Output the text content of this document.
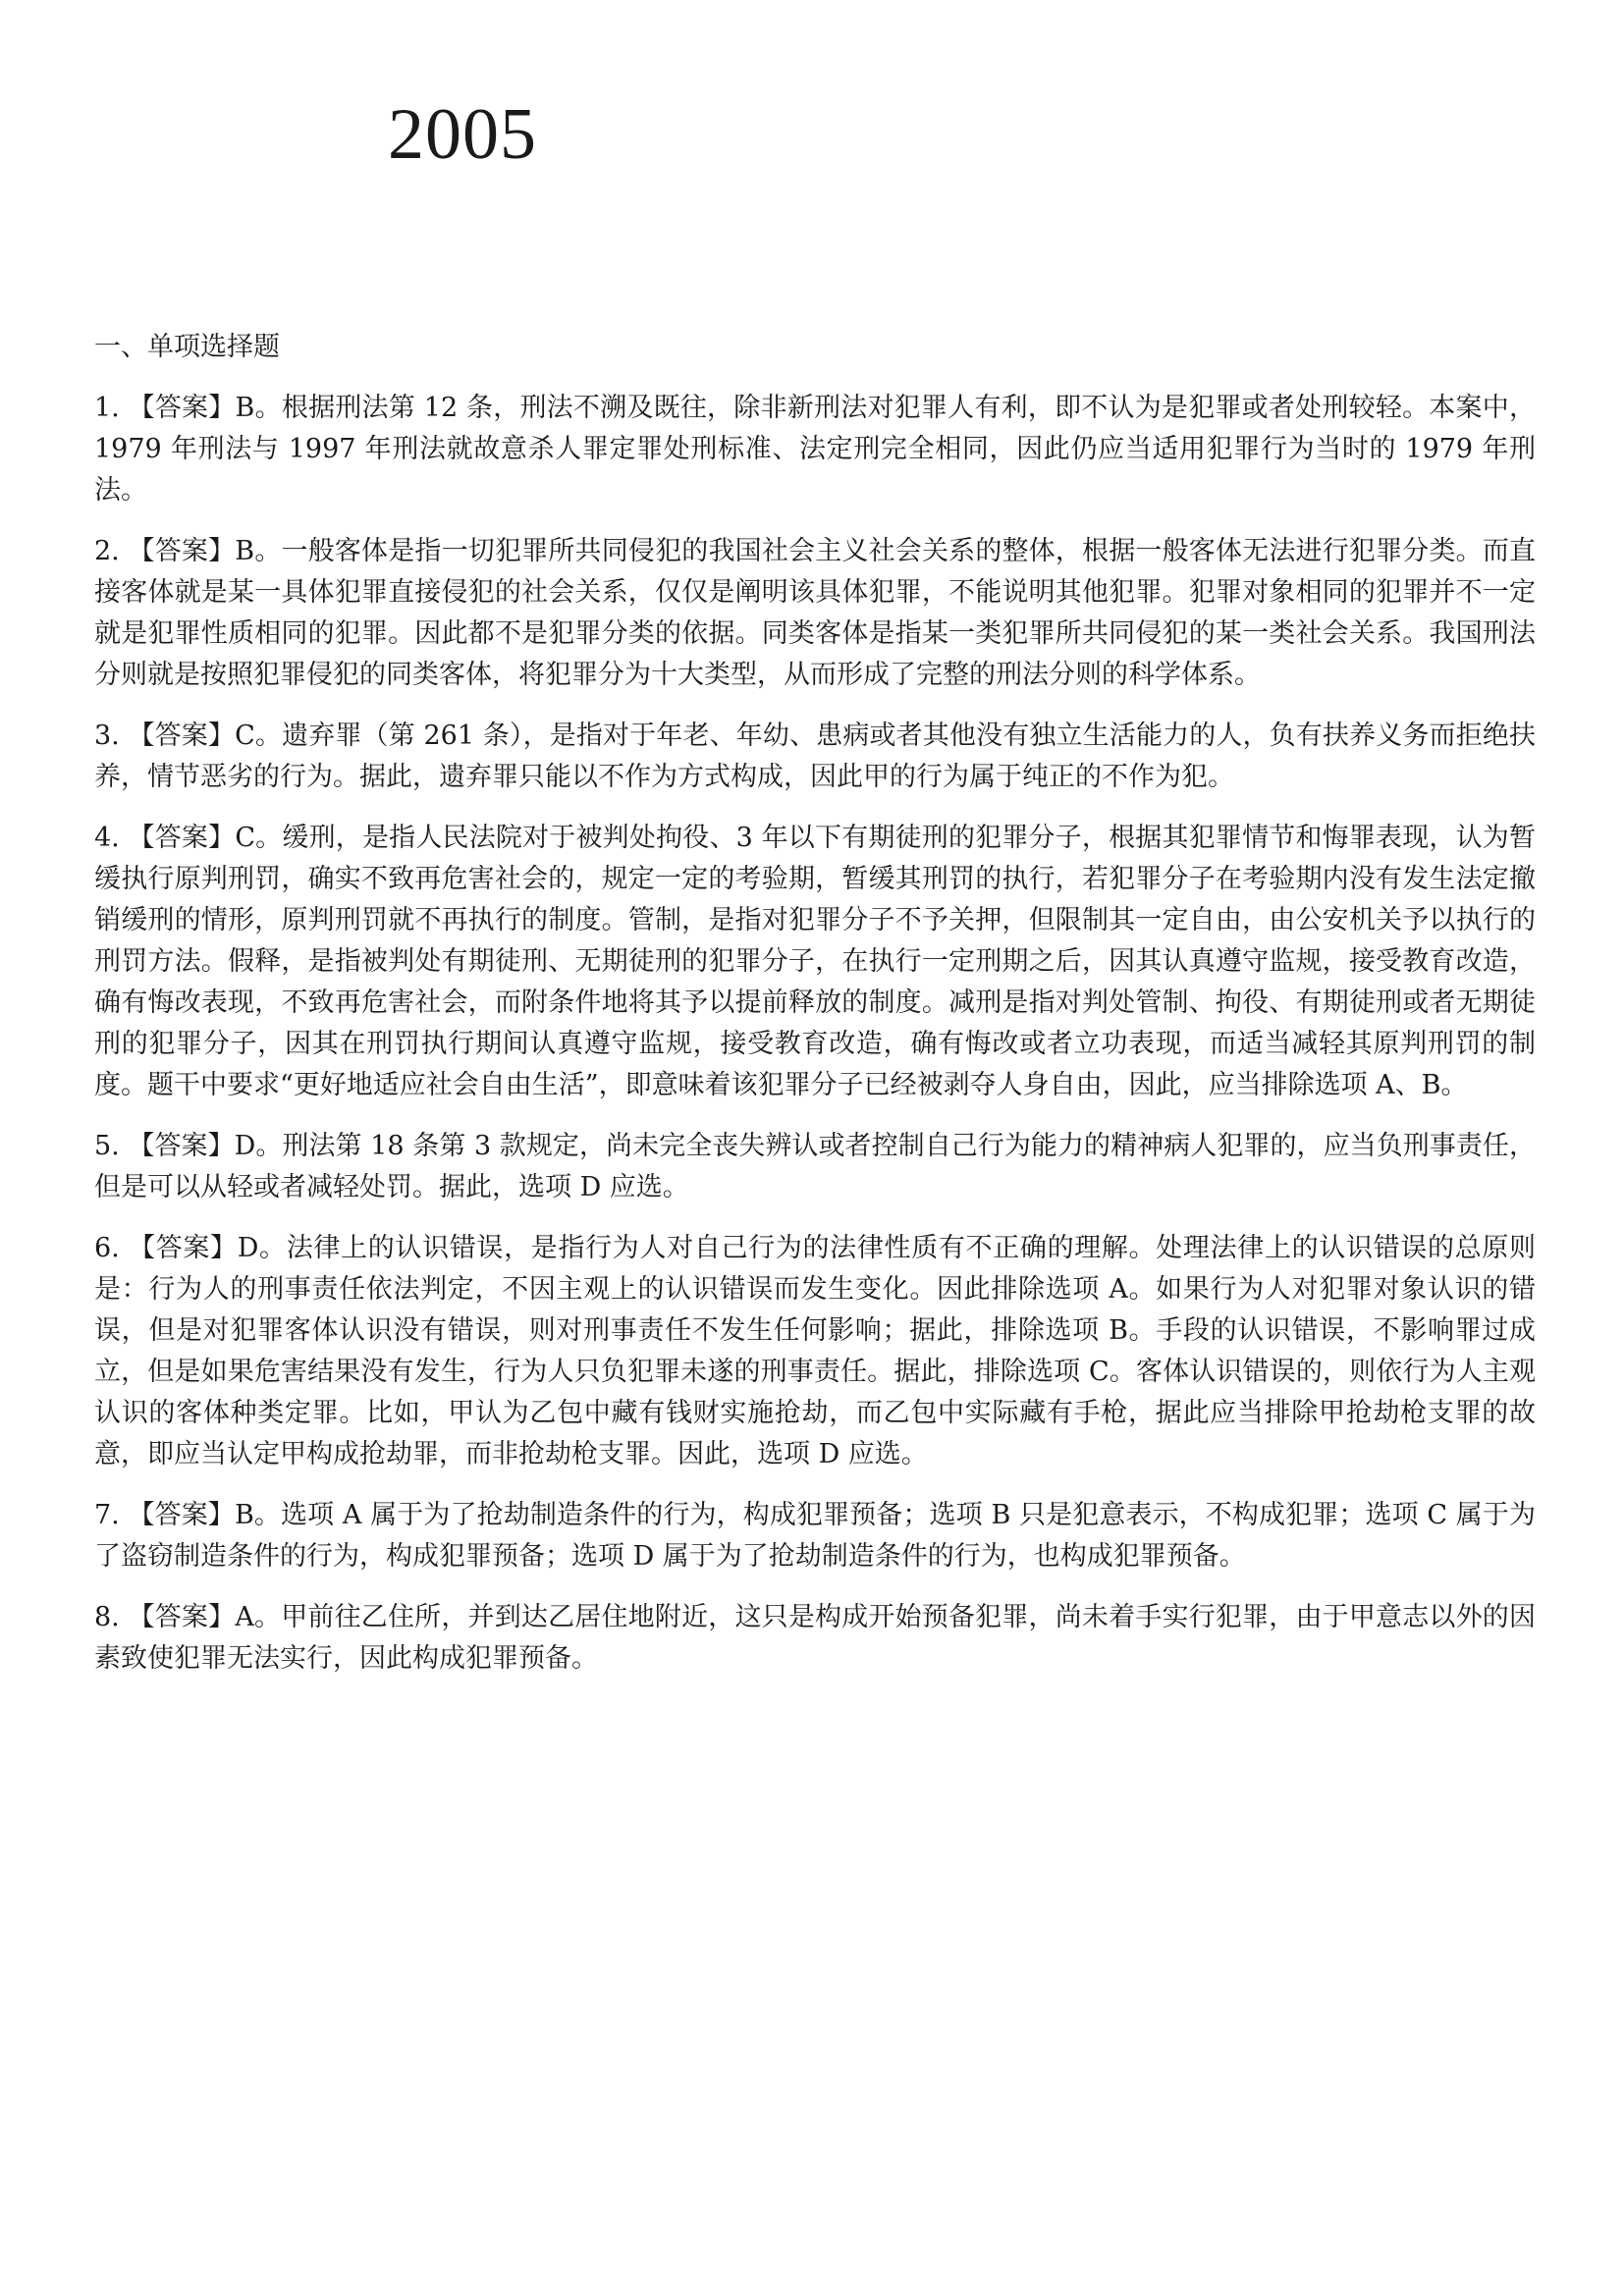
2005

一、单项选择题

1. 【答案】B。根据刑法第 12 条，刑法不溯及既往，除非新刑法对犯罪人有利，即不认为是犯罪或者处刑较轻。本案中，1979 年刑法与 1997 年刑法就故意杀人罪定罪处刑标准、法定刑完全相同，因此仍应当适用犯罪行为当时的 1979 年刑法。

2. 【答案】B。一般客体是指一切犯罪所共同侵犯的我国社会主义社会关系的整体，根据一般客体无法进行犯罪分类。而直接客体就是某一具体犯罪直接侵犯的社会关系，仅仅是阐明该具体犯罪，不能说明其他犯罪。犯罪对象相同的犯罪并不一定就是犯罪性质相同的犯罪。因此都不是犯罪分类的依据。同类客体是指某一类犯罪所共同侵犯的某一类社会关系。我国刑法分则就是按照犯罪侵犯的同类客体，将犯罪分为十大类型，从而形成了完整的刑法分则的科学体系。

3. 【答案】C。遗弃罪（第 261 条），是指对于年老、年幼、患病或者其他没有独立生活能力的人，负有扶养义务而拒绝扶养，情节恶劣的行为。据此，遗弃罪只能以不作为方式构成，因此甲的行为属于纯正的不作为犯。

4. 【答案】C。缓刑，是指人民法院对于被判处拘役、3 年以下有期徒刑的犯罪分子，根据其犯罪情节和悔罪表现，认为暂缓执行原判刑罚，确实不致再危害社会的，规定一定的考验期，暂缓其刑罚的执行，若犯罪分子在考验期内没有发生法定撤销缓刑的情形，原判刑罚就不再执行的制度。管制，是指对犯罪分子不予关押，但限制其一定自由，由公安机关予以执行的刑罚方法。假释，是指被判处有期徒刑、无期徒刑的犯罪分子，在执行一定刑期之后，因其认真遵守监规，接受教育改造，确有悔改表现，不致再危害社会，而附条件地将其予以提前释放的制度。减刑是指对判处管制、拘役、有期徒刑或者无期徒刑的犯罪分子，因其在刑罚执行期间认真遵守监规，接受教育改造，确有悔改或者立功表现，而适当减轻其原判刑罚的制度。题干中要求“更好地适应社会自由生活”，即意味着该犯罪分子已经被剥夺人身自由，因此，应当排除选项 A、B。

5. 【答案】D。刑法第 18 条第 3 款规定，尚未完全丧失辨认或者控制自己行为能力的精神病人犯罪的，应当负刑事责任，但是可以从轻或者减轻处罚。据此，选项 D 应选。

6. 【答案】D。法律上的认识错误，是指行为人对自己行为的法律性质有不正确的理解。处理法律上的认识错误的总原则是：行为人的刑事责任依法判定，不因主观上的认识错误而发生变化。因此排除选项 A。如果行为人对犯罪对象认识的错误，但是对犯罪客体认识没有错误，则对刑事责任不发生任何影响；据此，排除选项 B。手段的认识错误，不影响罪过成立，但是如果危害结果没有发生，行为人只负犯罪未遂的刑事责任。据此，排除选项 C。客体认识错误的，则依行为人主观认识的客体种类定罪。比如，甲认为乙包中藏有钱财实施抢劫，而乙包中实际藏有手枪，据此应当排除甲抢劫枪支罪的故意，即应当认定甲构成抢劫罪，而非抢劫枪支罪。因此，选项 D 应选。

7. 【答案】B。选项 A 属于为了抢劫制造条件的行为，构成犯罪预备；选项 B 只是犯意表示，不构成犯罪；选项 C 属于为了盗窃制造条件的行为，构成犯罪预备；选项 D 属于为了抢劫制造条件的行为，也构成犯罪预备。

8. 【答案】A。甲前往乙住所，并到达乙居住地附近，这只是构成开始预备犯罪，尚未着手实行犯罪，由于甲意志以外的因素致使犯罪无法实行，因此构成犯罪预备。
